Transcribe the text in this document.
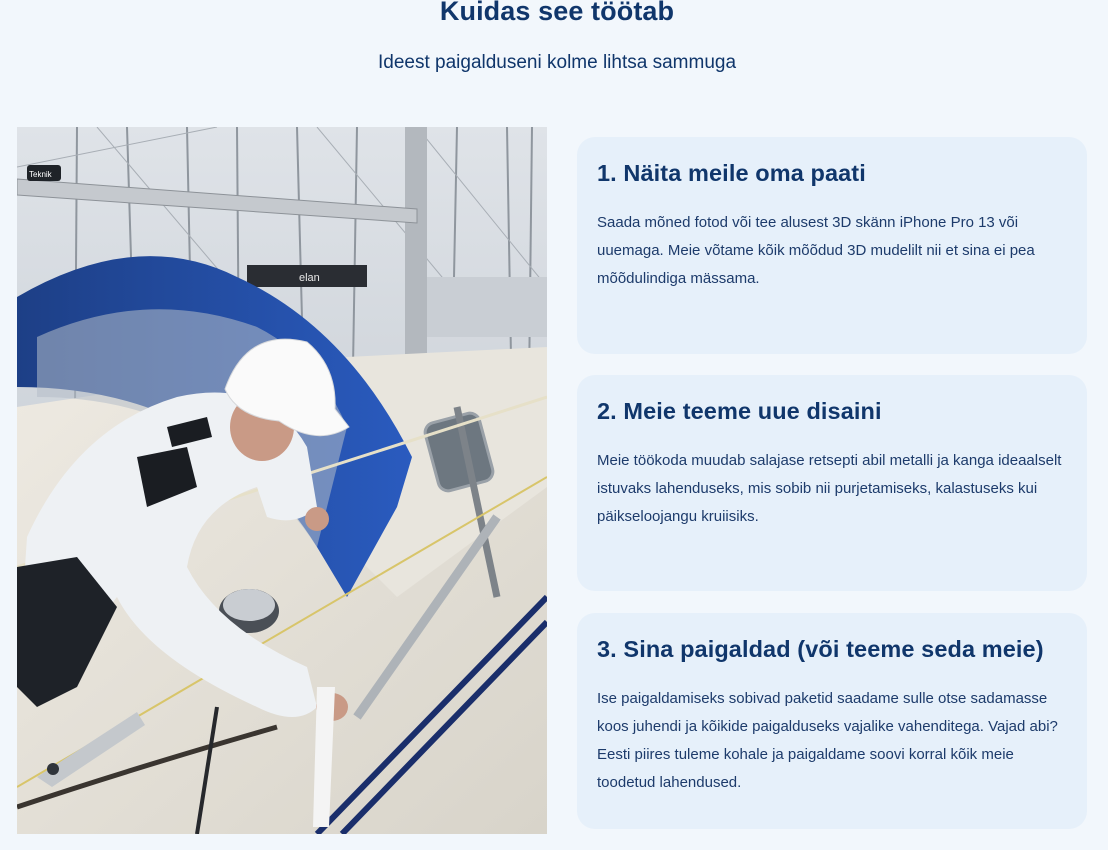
Kuidas see töötab
Ideest paigalduseni kolme lihtsa sammuga
elan
Teknik	1. Näita meile oma paati

Saada mõned fotod või tee alusest 3D skänn iPhone Pro 13 või uuemaga. Meie võtame kõik mõõdud 3D mudelilt nii et sina ei pea mõõdulindiga mässama.

2. Meie teeme uue disaini

Meie töökoda muudab salajase retsepti abil metalli ja kanga ideaalselt istuvaks lahenduseks, mis sobib nii purjetamiseks, kalastuseks kui päikseloojangu kruiisiks.

3. Sina paigaldad (või teeme seda meie)

Ise paigaldamiseks sobivad paketid saadame sulle otse sadamasse koos juhendi ja kõikide paigalduseks vajalike vahenditega. Vajad abi? Eesti piires tuleme kohale ja paigaldame soovi korral kõik meie toodetud lahendused.
